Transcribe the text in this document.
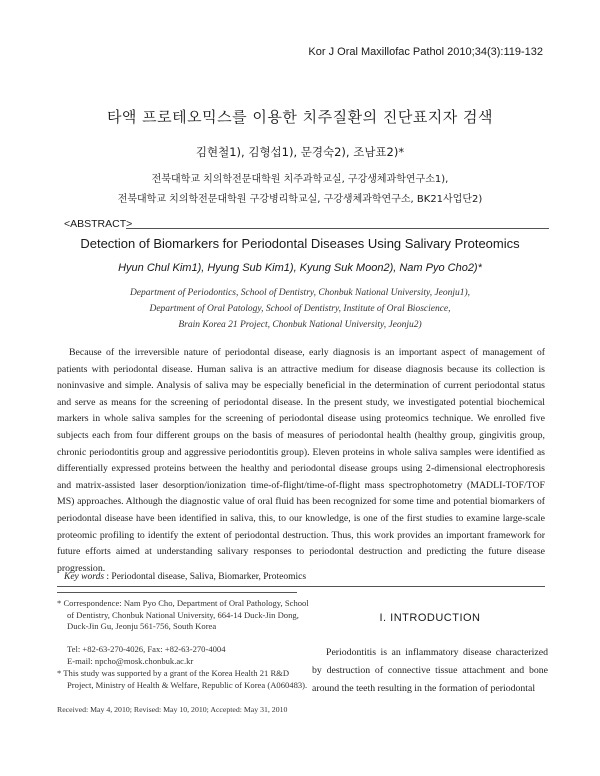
Kor J Oral Maxillofac Pathol 2010;34(3):119-132
타액 프로테오믹스를 이용한 치주질환의 진단표지자 검색
김현철1), 김형섭1), 문경숙2), 조남표2)*
전북대학교 치의학전문대학원 치주과학교실, 구강생체과학연구소1),
전북대학교 치의학전문대학원 구강병리학교실, 구강생체과학연구소, BK21사업단2)
<ABSTRACT>
Detection of Biomarkers for Periodontal Diseases Using Salivary Proteomics
Hyun Chul Kim1), Hyung Sub Kim1), Kyung Suk Moon2), Nam Pyo Cho2)*
Department of Periodontics, School of Dentistry, Chonbuk National University, Jeonju1),
Department of Oral Patology, School of Dentistry, Institute of Oral Bioscience,
Brain Korea 21 Project, Chonbuk National University, Jeonju2)
Because of the irreversible nature of periodontal disease, early diagnosis is an important aspect of management of patients with periodontal disease. Human saliva is an attractive medium for disease diagnosis because its collection is noninvasive and simple. Analysis of saliva may be especially beneficial in the determination of current periodontal status and serve as means for the screening of periodontal disease. In the present study, we investigated potential biochemical markers in whole saliva samples for the screening of periodontal disease using proteomics technique. We enrolled five subjects each from four different groups on the basis of measures of periodontal health (healthy group, gingivitis group, chronic periodontitis group and aggressive periodontitis group). Eleven proteins in whole saliva samples were identified as differentially expressed proteins between the healthy and periodontal disease groups using 2-dimensional electrophoresis and matrix-assisted laser desorption/ionization time-of-flight/time-of-flight mass spectrophotometry (MADLI-TOF/TOF MS) approaches. Although the diagnostic value of oral fluid has been recognized for some time and potential biomarkers of periodontal disease have been identified in saliva, this, to our knowledge, is one of the first studies to examine large-scale proteomic profiling to identify the extent of periodontal destruction. Thus, this work provides an important framework for future efforts aimed at understanding salivary responses to periodontal destruction and predicting the future disease progression.
Key words : Periodontal disease, Saliva, Biomarker, Proteomics
* Correspondence: Nam Pyo Cho, Department of Oral Pathology, School of Dentistry, Chonbuk National University, 664-14 Duck-Jin Dong, Duck-Jin Gu, Jeonju 561-756, South Korea
Tel: +82-63-270-4026, Fax: +82-63-270-4004
E-mail: npcho@mosk.chonbuk.ac.kr
* This study was supported by a grant of the Korea Health 21 R&D Project, Ministry of Health & Welfare, Republic of Korea (A060483).
Received: May 4, 2010; Revised: May 10, 2010; Accepted: May 31, 2010
I. INTRODUCTION
Periodontitis is an inflammatory disease characterized by destruction of connective tissue attachment and bone around the teeth resulting in the formation of periodontal
